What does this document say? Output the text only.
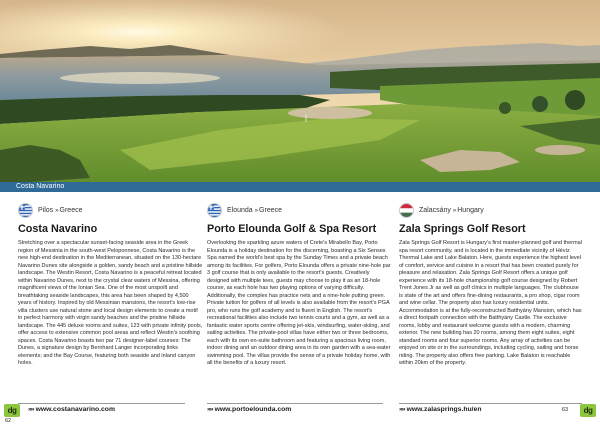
Costa Navarino
Pilos » Greece
Costa Navarino
Stretching over a spectacular sunset-facing seaside area in the Greek region of Messinia in the south-west Peloponnese, Costa Navarino is the new high-end destination in the Mediterranean, situated on the 130-hectare Navarino Dunes site alongside a golden, sandy beach and a pristine hillside landscape. The Westin Resort, Costa Navarino is a peaceful retreat located within Navarino Dunes, next to the crystal clear waters of Messina, offering magnificent views of the Ionian Sea. One of the most unspoilt and breathtaking seaside landscapes, this area has been shaped by 4,500 years of history. Inspired by old Messinian mansions, the resort's low-rise villa clusters use natural stone and local design elements to create a motif in perfect harmony with virgin sandy beaches and the pristine hillside landscape. The 445 deluxe rooms and suites, 123 with private infinity pools, offer access to extensive common pool areas and reflect Westin's soothing spaces. Costa Navarino boasts two par 71 designer-label courses: The Dunes, a signature design by Bernhard Langer incorporating links elements; and the Bay Course, featuring both seaside and inland canyon holes.
Elounda » Greece
Porto Elounda Golf & Spa Resort
Overlooking the sparkling azure waters of Crete's Mirabello Bay, Porto Elounda is a holiday destination for the discerning, boasting a Six Senses Spa named the world's best spa by the Sunday Times and a private beach among its facilities. For golfers, Porto Elounda offers a private nine-hole par 3 golf course that is only available to the resort's guests. Creatively designed with multiple tees, guests may choose to play it as an 18-hole course, as each hole has two playing options of varying difficulty. Additionally, the complex has practice nets and a nine-hole putting green. Private tuition for golfers of all levels is also available from the resort's PGA pro, who runs the golf academy and is fluent in English. The resort's recreational facilities also include two tennis courts and a gym, as well as a fantastic water sports centre offering jet-skis, windsurfing, water-skiing, and sailing activities. The private-pool villas have either two or three bedrooms, each with its own en-suite bathroom and featuring a spacious living room, indoor dining and an outdoor dining area in its own garden with a sea-water swimming pool. The villas provide the sense of a private holiday home, with all the benefits of a luxury resort.
Zalacsány » Hungary
Zala Springs Golf Resort
Zala Springs Golf Resort is Hungary's first master-planned golf and thermal spa resort community, and is located in the immediate vicinity of Hévíz Thermal Lake and Lake Balaton. Here, guests experience the highest level of comfort, service and cuisine in a resort that has been created purely for pleasure and relaxation. Zala Springs Golf Resort offers a unique golf experience with its 18-hole championship golf course designed by Robert Trent Jones Jr as well as golf clinics in multiple languages. The clubhouse is state of the art and offers fine-dining restaurants, a pro shop, cigar room and wine cellar. The property also has luxury residential units. Accommodation is at the fully-reconstructed Batthyány Mansion, which has a direct footpath connection with the Batthyány Castle. The exclusive rooms, lobby and restaurant welcome guests with a modern, charming exterior. The new building has 20 rooms, among them eight suites, eight standard rooms and four superior rooms. Any array of activities can be enjoyed on site or in the surroundings, including cycling, sailing and horse riding. The property also offers free parking. Lake Balaton is reachable within 20km of the property.
»» www.costanavarino.com	»» www.portoelounda.com	»» www.zalasprings.hu/en
dg
62
63	dg
